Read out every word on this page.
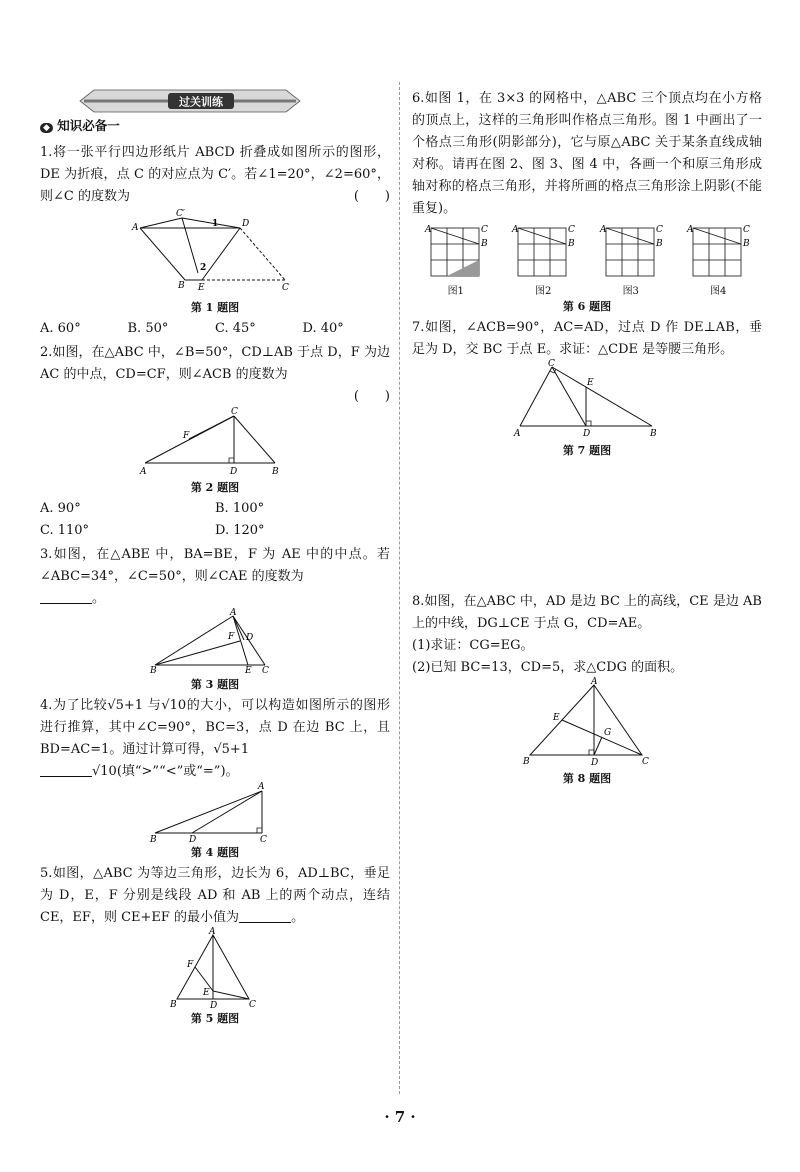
过关训练
◆ 知识必备一

1.将一张平行四边形纸片 ABCD 折叠成如图所示的图形，DE 为折痕，点 C 的对应点为 C′。若∠1=20°，∠2=60°，则∠C 的度数为	(　　)

A
B	C
C′
D
E
1
2
第 1 题图
A. 60°	B. 50°	C. 45°	D. 40°

2.如图，在△ABC 中，∠B=50°，CD⊥AB 于点 D，F 为边 AC 的中点，CD=CF，则∠ACB 的度数为

(　　)

A	B
C
D
F
第 2 题图
A. 90°	B. 100°
C. 110°	D. 120°

3.如图，在△ABE 中，BA=BE，F 为 AE 中的中点。若∠ABC=34°，∠C=50°，则∠CAE 的度数为
。

B
A
C
D
E
F
第 3 题图

4.为了比较√5+1 与√10的大小，可以构造如图所示的图形进行推算，其中∠C=90°，BC=3，点 D 在边 BC 上，且 BD=AC=1。通过计算可得，√5+1
√10(填“>”“<”或“=”)。

B
A
C
D
第 4 题图

5.如图，△ABC 为等边三角形，边长为 6，AD⊥BC，垂足为 D，E，F 分别是线段 AD 和 AB 上的两个动点，连结 CE，EF，则 CE+EF 的最小值为	。

A
B	C
D
E
F
第 5 题图

6.如图 1，在 3×3 的网格中，△ABC 三个顶点均在小方格的顶点上，这样的三角形叫作格点三角形。图 1 中画出了一个格点三角形(阴影部分)，它与原△ABC 关于某条直线成轴对称。请再在图 2、图 3、图 4 中，各画一个和原三角形成轴对称的格点三角形，并将所画的格点三角形涂上阴影(不能重复)。

A	C
B
图1
A	C
B
图2
A	C
B
图3
A	C
B
图4
第 6 题图

7.如图，∠ACB=90°，AC=AD，过点 D 作 DE⊥AB，垂足为 D，交 BC 于点 E。求证：△CDE 是等腰三角形。

A	B
C
D
E
第 7 题图

8.如图，在△ABC 中，AD 是边 BC 上的高线，CE 是边 AB 上的中线，DG⊥CE 于点 G，CD=AE。

(1)求证：CG=EG。

(2)已知 BC=13，CD=5，求△CDG 的面积。

A
B	C
D
E
G
第 8 题图
· 7 ·
